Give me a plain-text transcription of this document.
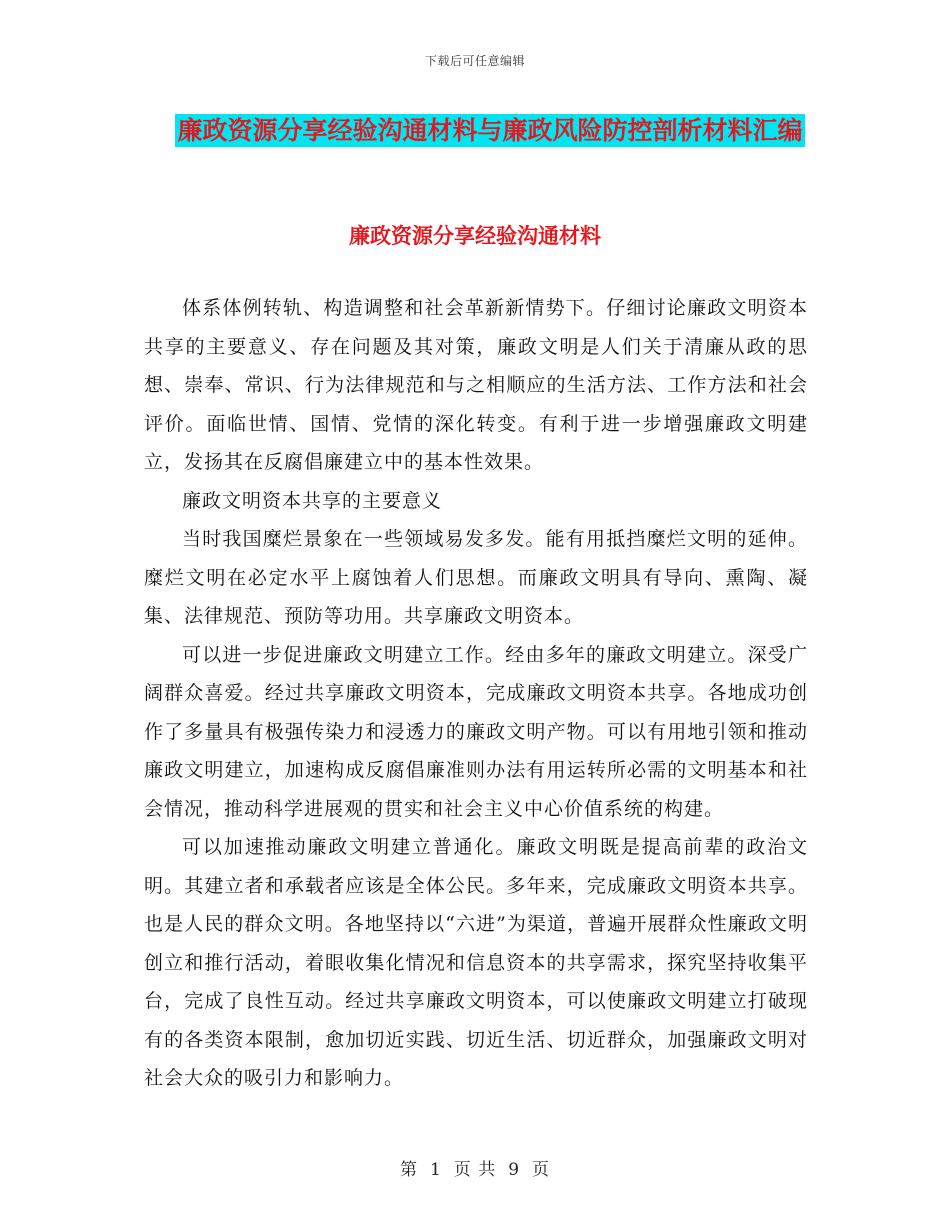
下载后可任意编辑
廉政资源分享经验沟通材料与廉政风险防控剖析材料汇编
廉政资源分享经验沟通材料

体系体例转轨、构造调整和社会革新新情势下。仔细讨论廉政文明资本共享的主要意义、存在问题及其对策，廉政文明是人们关于清廉从政的思想、崇奉、常识、行为法律规范和与之相顺应的生活方法、工作方法和社会评价。面临世情、国情、党情的深化转变。有利于进一步增强廉政文明建立，发扬其在反腐倡廉建立中的基本性效果。

廉政文明资本共享的主要意义

当时我国糜烂景象在一些领域易发多发。能有用抵挡糜烂文明的延伸。糜烂文明在必定水平上腐蚀着人们思想。而廉政文明具有导向、熏陶、凝集、法律规范、预防等功用。共享廉政文明资本。

可以进一步促进廉政文明建立工作。经由多年的廉政文明建立。深受广阔群众喜爱。经过共享廉政文明资本，完成廉政文明资本共享。各地成功创作了多量具有极强传染力和浸透力的廉政文明产物。可以有用地引领和推动廉政文明建立，加速构成反腐倡廉准则办法有用运转所必需的文明基本和社会情况，推动科学进展观的贯实和社会主义中心价值系统的构建。

可以加速推动廉政文明建立普通化。廉政文明既是提高前辈的政治文明。其建立者和承载者应该是全体公民。多年来，完成廉政文明资本共享。也是人民的群众文明。各地坚持以“六进”为渠道，普遍开展群众性廉政文明创立和推行活动，着眼收集化情况和信息资本的共享需求，探究坚持收集平台，完成了良性互动。经过共享廉政文明资本，可以使廉政文明建立打破现有的各类资本限制，愈加切近实践、切近生活、切近群众，加强廉政文明对社会大众的吸引力和影响力。

第 1 页 共 9 页
